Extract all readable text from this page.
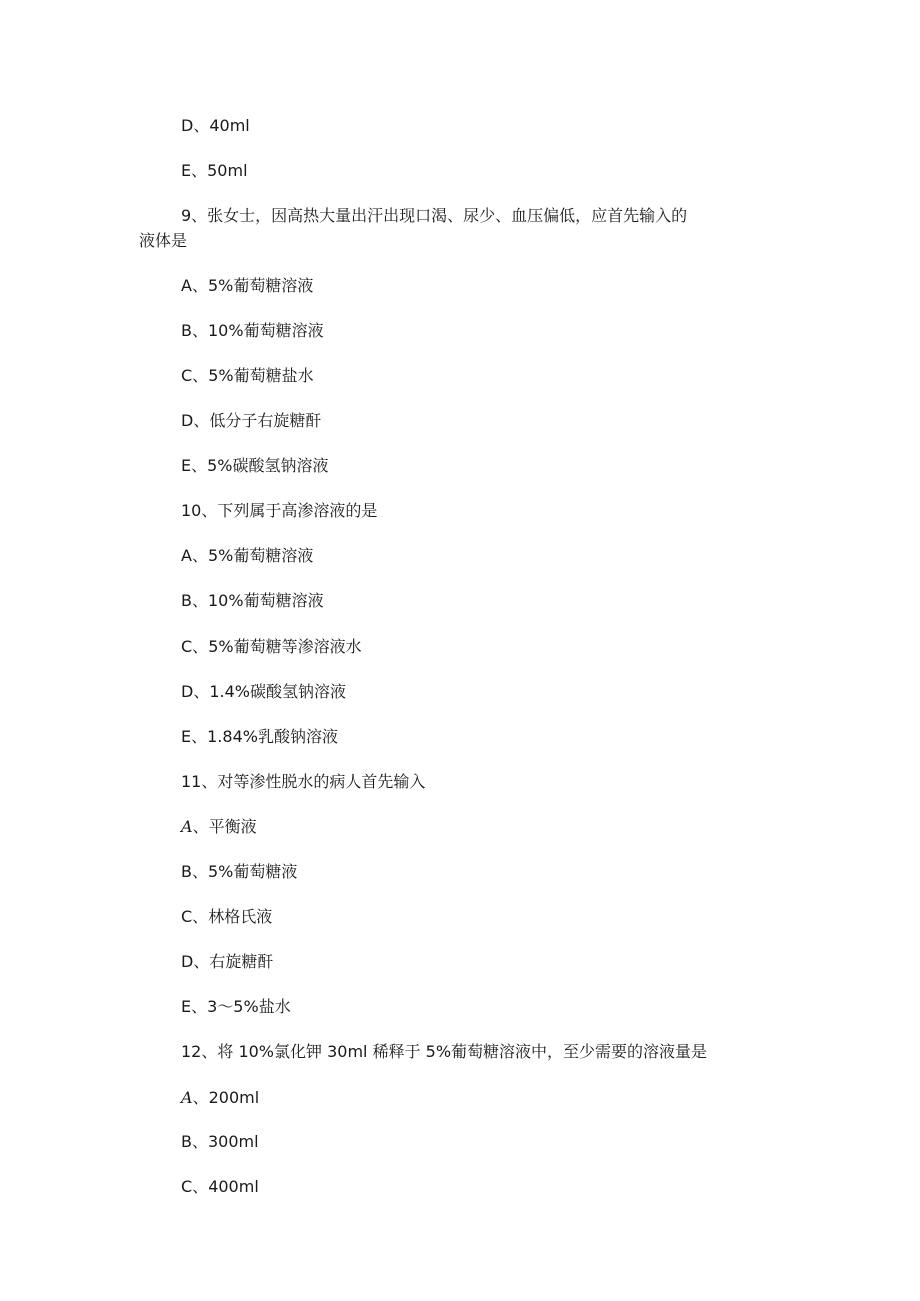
D、40ml
E、50ml
9、张女士，因高热大量出汗出现口渴、尿少、血压偏低，应首先输入的
液体是
A、5%葡萄糖溶液
B、10%葡萄糖溶液
C、5%葡萄糖盐水
D、低分子右旋糖酐
E、5%碳酸氢钠溶液
10、下列属于高渗溶液的是
A、5%葡萄糖溶液
B、10%葡萄糖溶液
C、5%葡萄糖等渗溶液水
D、1.4%碳酸氢钠溶液
E、1.84%乳酸钠溶液
11、对等渗性脱水的病人首先输入
A、平衡液
B、5%葡萄糖液
C、林格氏液
D、右旋糖酐
E、3～5%盐水
12、将 10%氯化钾 30ml 稀释于 5%葡萄糖溶液中，至少需要的溶液量是
A、200ml
B、300ml
C、400ml
